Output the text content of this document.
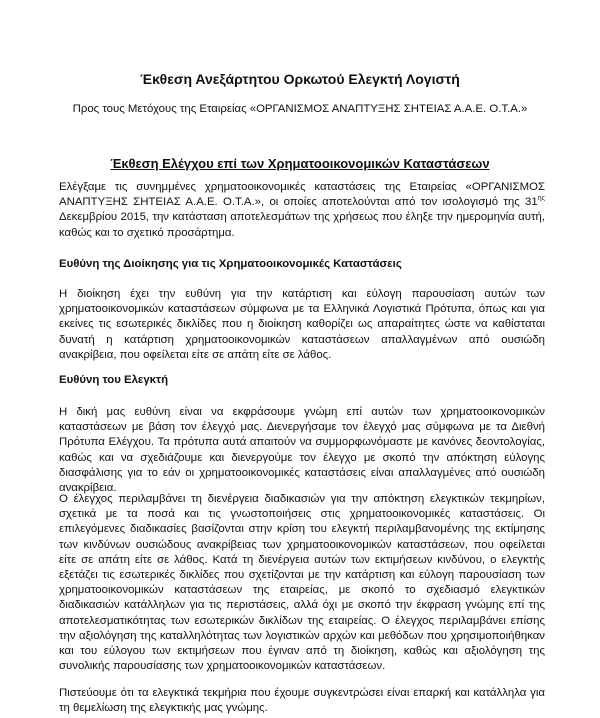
Έκθεση Ανεξάρτητου Ορκωτού Ελεγκτή Λογιστή
Προς τους Μετόχους της Εταιρείας «ΟΡΓΑΝΙΣΜΟΣ ΑΝΑΠΤΥΞΗΣ ΣΗΤΕΙΑΣ Α.Α.Ε. Ο.Τ.Α.»
Έκθεση Ελέγχου επί των Χρηματοοικονομικών Καταστάσεων

Ελέγξαμε τις συνημμένες χρηματοοικονομικές καταστάσεις της Εταιρείας «ΟΡΓΑΝΙΣΜΟΣ ΑΝΑΠΤΥΞΗΣ ΣΗΤΕΙΑΣ Α.Α.Ε. Ο.Τ.Α.», οι οποίες αποτελούνται από τον ισολογισμό της $31^{\eta\varsigma}$ Δεκεμβρίου 2015, την κατάσταση αποτελεσμάτων της χρήσεως που έληξε την ημερομηνία αυτή, καθώς και το σχετικό προσάρτημα.

Ευθύνη της Διοίκησης για τις Χρηματοοικονομικές Καταστάσεις

Η διοίκηση έχει την ευθύνη για την κατάρτιση και εύλογη παρουσίαση αυτών των χρηματοοικονομικών καταστάσεων σύμφωνα με τα Ελληνικά Λογιστικά Πρότυπα, όπως και για εκείνες τις εσωτερικές δικλίδες που η διοίκηση καθορίζει ως απαραίτητες ώστε να καθίσταται δυνατή η κατάρτιση χρηματοοικονομικών καταστάσεων απαλλαγμένων από ουσιώδη ανακρίβεια, που οφείλεται είτε σε απάτη είτε σε λάθος.

Ευθύνη του Ελεγκτή

Η δική μας ευθύνη είναι να εκφράσουμε γνώμη επί αυτών των χρηματοοικονομικών καταστάσεων με βάση τον έλεγχό μας. Διενεργήσαμε τον έλεγχό μας σύμφωνα με τα Διεθνή Πρότυπα Ελέγχου. Τα πρότυπα αυτά απαιτούν να συμμορφωνόμαστε με κανόνες δεοντολογίας, καθώς και να σχεδιάζουμε και διενεργούμε τον έλεγχο με σκοπό την απόκτηση εύλογης διασφάλισης για το εάν οι χρηματοοικονομικές καταστάσεις είναι απαλλαγμένες από ουσιώδη ανακρίβεια.

Ο έλεγχος περιλαμβάνει τη διενέργεια διαδικασιών για την απόκτηση ελεγκτικών τεκμηρίων, σχετικά με τα ποσά και τις γνωστοποιήσεις στις χρηματοοικονομικές καταστάσεις. Οι επιλεγόμενες διαδικασίες βασίζονται στην κρίση του ελεγκτή περιλαμβανομένης της εκτίμησης των κινδύνων ουσιώδους ανακρίβειας των χρηματοοικονομικών καταστάσεων, που οφείλεται είτε σε απάτη είτε σε λάθος. Κατά τη διενέργεια αυτών των εκτιμήσεων κινδύνου, ο ελεγκτής εξετάζει τις εσωτερικές δικλίδες που σχετίζονται με την κατάρτιση και εύλογη παρουσίαση των χρηματοοικονομικών καταστάσεων της εταιρείας, με σκοπό το σχεδιασμό ελεγκτικών διαδικασιών κατάλληλων για τις περιστάσεις, αλλά όχι με σκοπό την έκφραση γνώμης επί της αποτελεσματικότητας των εσωτερικών δικλίδων της εταιρείας. Ο έλεγχος περιλαμβάνει επίσης την αξιολόγηση της καταλληλότητας των λογιστικών αρχών και μεθόδων που χρησιμοποιήθηκαν και του εύλογου των εκτιμήσεων που έγιναν από τη διοίκηση, καθώς και αξιολόγηση της συνολικής παρουσίασης των χρηματοοικονομικών καταστάσεων.

Πιστεύουμε ότι τα ελεγκτικά τεκμήρια που έχουμε συγκεντρώσει είναι επαρκή και κατάλληλα για τη θεμελίωση της ελεγκτικής μας γνώμης.
